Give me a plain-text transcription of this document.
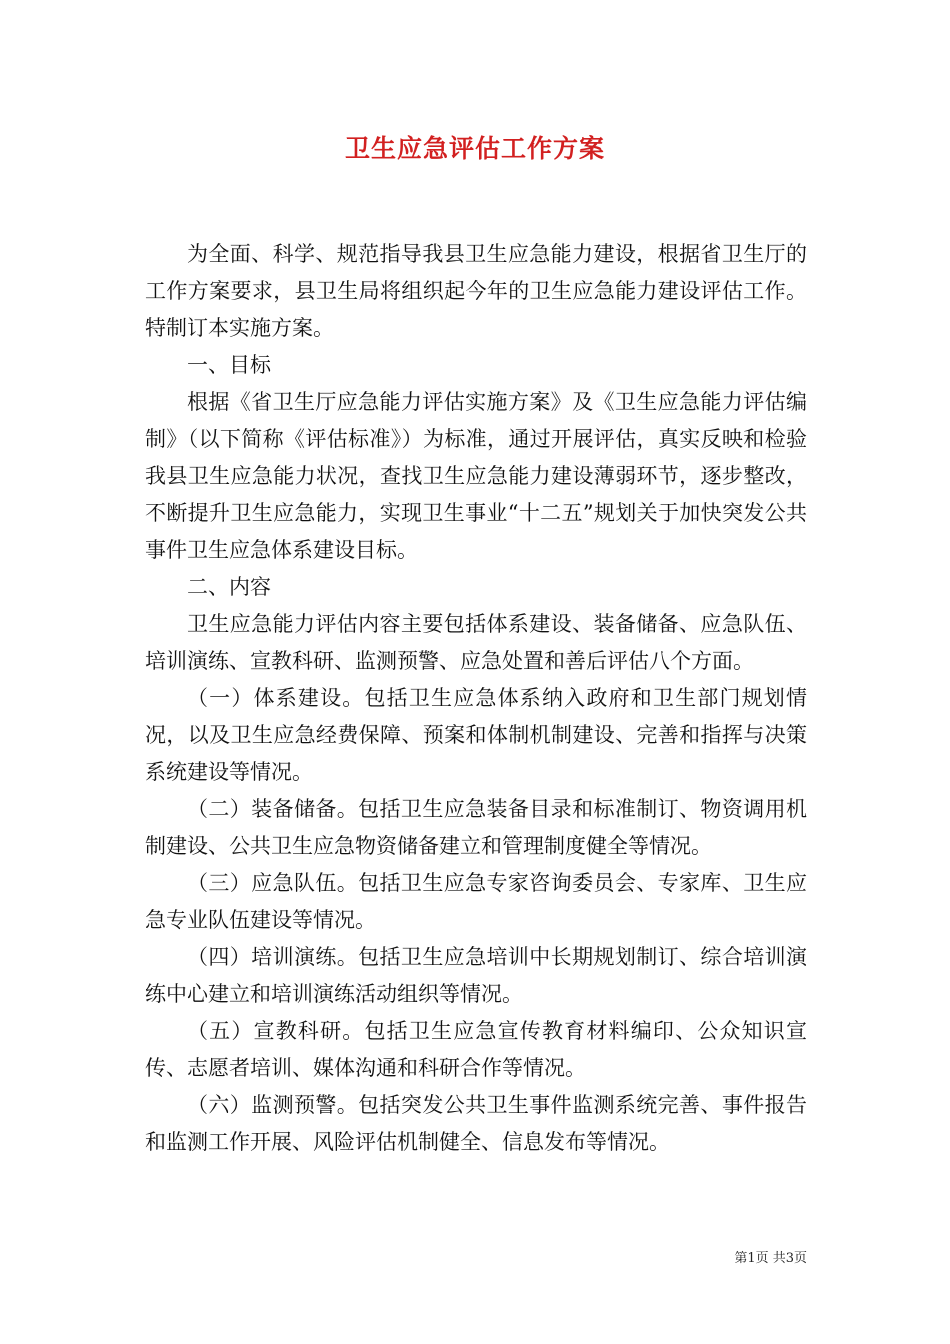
卫生应急评估工作方案

为全面、科学、规范指导我县卫生应急能力建设，根据省卫生厅的工作方案要求，县卫生局将组织起今年的卫生应急能力建设评估工作。特制订本实施方案。

一、目标

根据《省卫生厅应急能力评估实施方案》及《卫生应急能力评估编制》（以下简称《评估标准》）为标准，通过开展评估，真实反映和检验我县卫生应急能力状况，查找卫生应急能力建设薄弱环节，逐步整改，不断提升卫生应急能力，实现卫生事业“十二五”规划关于加快突发公共事件卫生应急体系建设目标。

二、内容

卫生应急能力评估内容主要包括体系建设、装备储备、应急队伍、培训演练、宣教科研、监测预警、应急处置和善后评估八个方面。

（一）体系建设。包括卫生应急体系纳入政府和卫生部门规划情况，以及卫生应急经费保障、预案和体制机制建设、完善和指挥与决策系统建设等情况。

（二）装备储备。包括卫生应急装备目录和标准制订、物资调用机制建设、公共卫生应急物资储备建立和管理制度健全等情况。

（三）应急队伍。包括卫生应急专家咨询委员会、专家库、卫生应急专业队伍建设等情况。

（四）培训演练。包括卫生应急培训中长期规划制订、综合培训演练中心建立和培训演练活动组织等情况。

（五）宣教科研。包括卫生应急宣传教育材料编印、公众知识宣传、志愿者培训、媒体沟通和科研合作等情况。

（六）监测预警。包括突发公共卫生事件监测系统完善、事件报告和监测工作开展、风险评估机制健全、信息发布等情况。

第1页 共3页
